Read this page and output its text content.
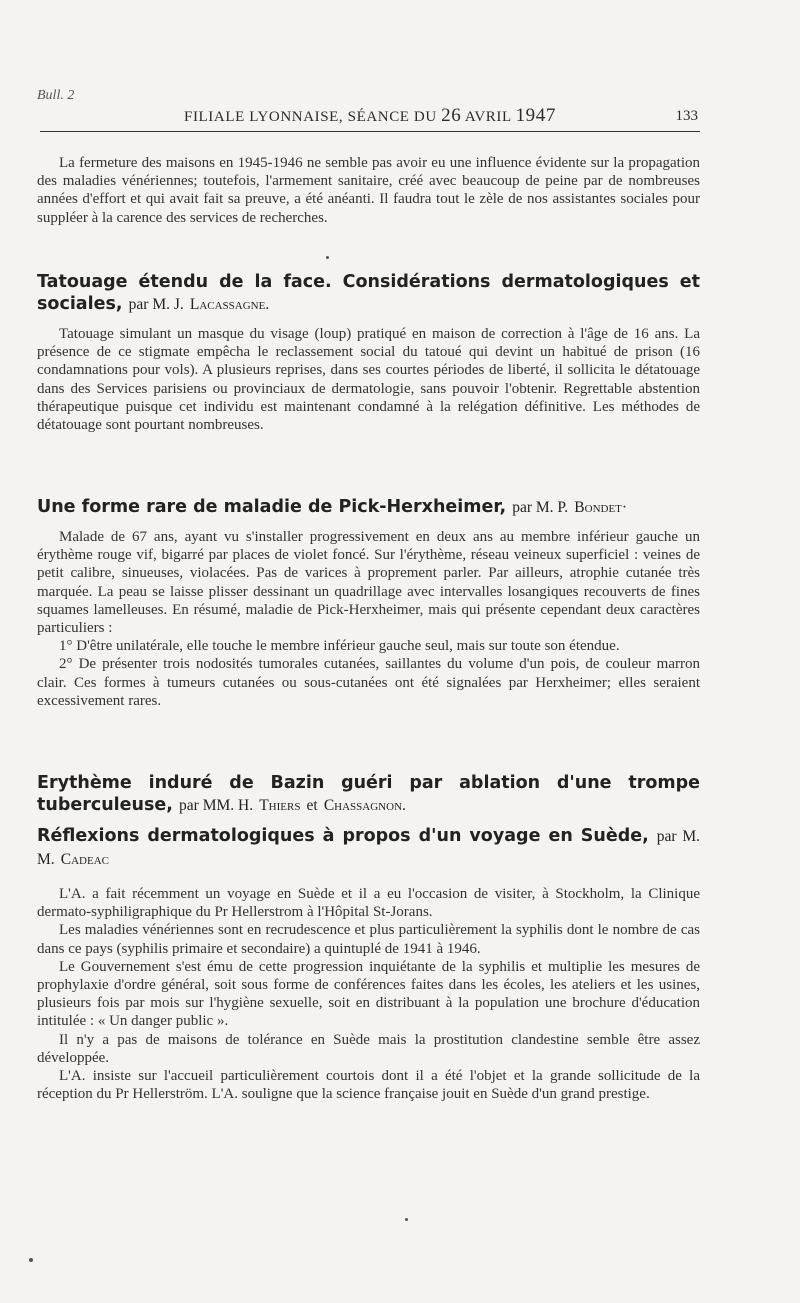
Bull. 2
FILIALE LYONNAISE, SÉANCE DU 26 AVRIL 1947	133

La fermeture des maisons en 1945-1946 ne semble pas avoir eu une influence évidente sur la propagation des maladies vénériennes; toutefois, l'armement sanitaire, créé avec beaucoup de peine par de nombreuses années d'effort et qui avait fait sa preuve, a été anéanti. Il faudra tout le zèle de nos assistantes sociales pour suppléer à la carence des services de recherches.

Tatouage étendu de la face. Considérations dermatologiques et sociales, par M. J. Lacassagne.

Tatouage simulant un masque du visage (loup) pratiqué en maison de correction à l'âge de 16 ans. La présence de ce stigmate empêcha le reclassement social du tatoué qui devint un habitué de prison (16 condamnations pour vols). A plusieurs reprises, dans ses courtes périodes de liberté, il sollicita le détatouage dans des Services parisiens ou provinciaux de dermatologie, sans pouvoir l'obtenir. Regrettable abstention thérapeutique puisque cet individu est maintenant condamné à la relégation définitive. Les méthodes de détatouage sont pourtant nombreuses.

Une forme rare de maladie de Pick-Herxheimer, par M. P. Bondet·

Malade de 67 ans, ayant vu s'installer progressivement en deux ans au membre inférieur gauche un érythème rouge vif, bigarré par places de violet foncé. Sur l'érythème, réseau veineux superficiel : veines de petit calibre, sinueuses, violacées. Pas de varices à proprement parler. Par ailleurs, atrophie cutanée très marquée. La peau se laisse plisser dessinant un quadrillage avec intervalles losangiques recouverts de fines squames lamelleuses. En résumé, maladie de Pick-Herxheimer, mais qui présente cependant deux caractères particuliers :

1° D'être unilatérale, elle touche le membre inférieur gauche seul, mais sur toute son étendue.

2° De présenter trois nodosités tumorales cutanées, saillantes du volume d'un pois, de couleur marron clair. Ces formes à tumeurs cutanées ou sous-cutanées ont été signalées par Herxheimer; elles seraient excessivement rares.

Erythème induré de Bazin guéri par ablation d'une trompe tuberculeuse, par MM. H. Thiers et Chassagnon.
Réflexions dermatologiques à propos d'un voyage en Suède, par M. M. Cadeac

L'A. a fait récemment un voyage en Suède et il a eu l'occasion de visiter, à Stockholm, la Clinique dermato-syphiligraphique du Pr Hellerstrom à l'Hôpital St-Jorans.

Les maladies vénériennes sont en recrudescence et plus particulièrement la syphilis dont le nombre de cas dans ce pays (syphilis primaire et secondaire) a quintuplé de 1941 à 1946.

Le Gouvernement s'est ému de cette progression inquiétante de la syphilis et multiplie les mesures de prophylaxie d'ordre général, soit sous forme de conférences faites dans les écoles, les ateliers et les usines, plusieurs fois par mois sur l'hygiène sexuelle, soit en distribuant à la population une brochure d'éducation intitulée : « Un danger public ».

Il n'y a pas de maisons de tolérance en Suède mais la prostitution clandestine semble être assez développée.

L'A. insiste sur l'accueil particulièrement courtois dont il a été l'objet et la grande sollicitude de la réception du Pr Hellerström. L'A. souligne que la science française jouit en Suède d'un grand prestige.
